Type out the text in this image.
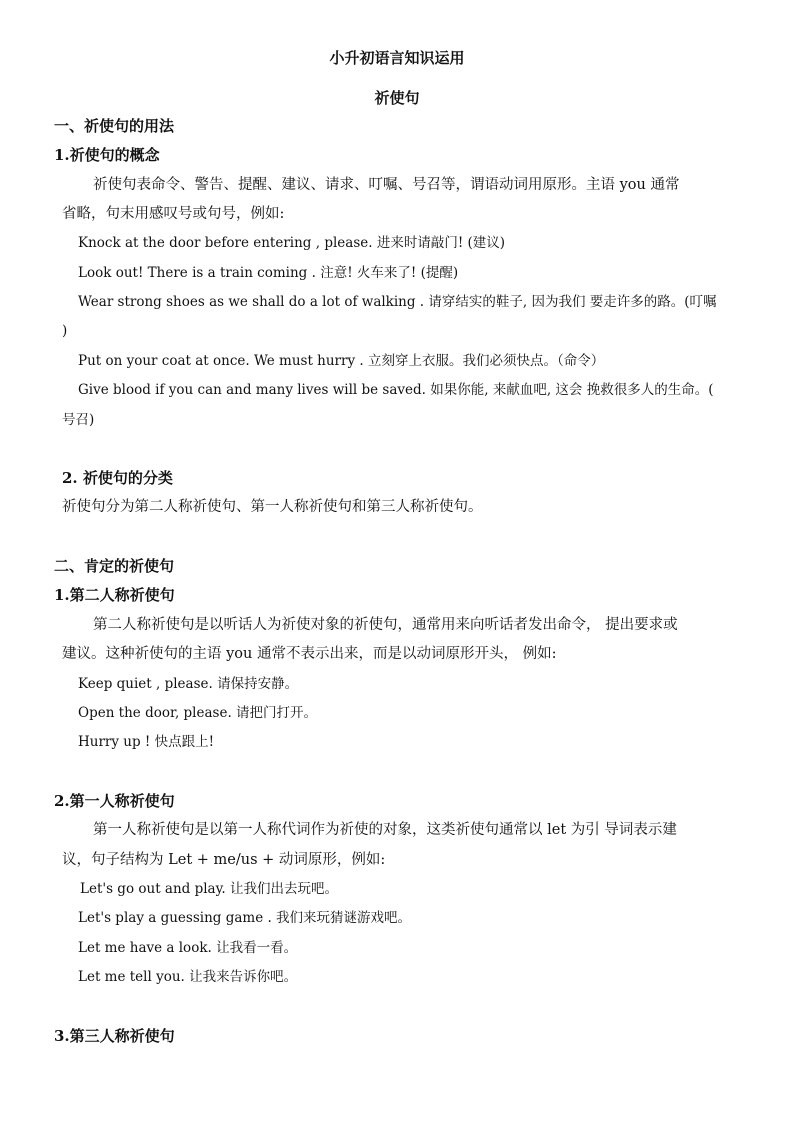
小升初语言知识运用
祈使句
一、祈使句的用法
1.祈使句的概念
祈使句表命令、警告、提醒、建议、请求、叮嘱、号召等，谓语动词用原形。主语 you 通常
省略，句末用感叹号或句号，例如:
Knock at the door before entering , please. 进来时请敲门! (建议)
Look out! There is a train coming . 注意! 火车来了! (提醒)
Wear strong shoes as we shall do a lot of walking . 请穿结实的鞋子, 因为我们 要走许多的路。(叮嘱
)
Put on your coat at once. We must hurry . 立刻穿上衣服。我们必须快点。（命令）
Give blood if you can and many lives will be saved. 如果你能, 来献血吧, 这会 挽救很多人的生命。(
号召)
2. 祈使句的分类
祈使句分为第二人称祈使句、第一人称祈使句和第三人称祈使句。
二、肯定的祈使句
1.第二人称祈使句
第二人称祈使句是以听话人为祈使对象的祈使句，通常用来向听话者发出命令， 提出要求或
建议。这种祈使句的主语 you 通常不表示出来，而是以动词原形开头， 例如:
Keep quiet , please. 请保持安静。
Open the door, please. 请把门打开。
Hurry up ! 快点跟上!
2.第一人称祈使句
第一人称祈使句是以第一人称代词作为祈使的对象，这类祈使句通常以 let 为引 导词表示建
议，句子结构为 Let + me/us + 动词原形，例如:
Let's go out and play. 让我们出去玩吧。
Let's play a guessing game . 我们来玩猜谜游戏吧。
Let me have a look. 让我看一看。
Let me tell you. 让我来告诉你吧。
3.第三人称祈使句
